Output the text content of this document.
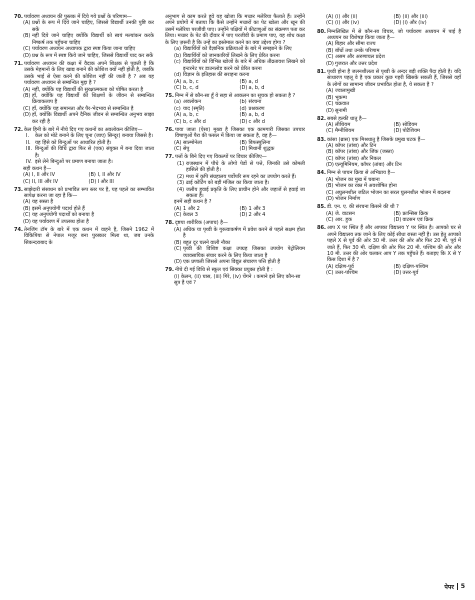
70. पर्यावरण अध्ययन की पुस्तक में दिये गये प्रश्नों के परिणाम—
(A) प्रश्नों के रूप में दिये जाने चाहिए, जिससे विद्यार्थी उनकी पुष्टि कर सकें
(B) नहीं दिये जाने चाहिए क्योंकि विद्यार्थी को स्वयं मल्यांकन करके निष्कर्ष तक पहुँचना चाहिए
(C) पर्यावरण अध्ययन अध्यापक द्वारा स्पष्ट किया जाना चाहिए
(D) प्रश्न के रूप में स्पष्ट किये जाने चाहिए, जिससे विद्यार्थी याद कर सकें
71. पर्यावरण अध्ययन की कक्षा में वैदाक अपने शिक्षक से पूछती है कि उसके मेहमानों के लिए खाद्य बनाने की कोशिश क्यों नहीं होती है, जबकि उसके भाई से ऐसा करने की कोशिश नहीं की जाती है ? अब यह पर्यावरण अध्ययन से सम्बन्धित मुद्दा है ?
(A) नहीं, क्योंकि यह विद्यार्थी की सुरक्षात्मकता को पोषित करता है
(B) हाँ, क्योंकि यह विद्यार्थी की शिक्षणों के जीवन से सम्बन्धित क्रियाकलाप है
(C) हाँ, क्योंकि यह समानता और पैर-भेदभाव से सम्बन्धित है
(D) हाँ, क्योंकि विद्यार्थी अपने दैनिक जीवन से सम्बन्धित अनुभव साझा कर रही है
72. केल हिनी के बारे में नीचे दिए गए कथनों का अवलोकन कीजिए—
I.	केल को मोटे बनाने के लिए चूना (जाए) सिन्दूर) बनाया जिससे है।
II. यह हिंसे को बिन्दुओं पर आधारित होती है।
III. बिन्दुओं की विधि द्वारा फिर से (एक) संयुक्त में बना दिया जाता है।
IV. इसे लेने बिन्दुओं पर प्रमाण बनाया जाता है।
सही कथन है—
(A) I, II और IV	(B) I, II और IV
(C) II, III और IV	(D) I और III
73. साझेदारी संसाधन को प्रभावित रूप स्तर पर है, यह पहले का सम्भावित सापेक्ष करना जा रहा है कि—
(A) यह सस्ता है
(B) इसमें अनुपयोगी पदार्थ होते हैं
(C) यह अनुपयोगी पदार्थों को बनाया है
(D) यह पर्यावरण में उपलब्ध होता है
74. तेनजिंग टॉम के बारे में एक कथन में वाहने है, जिसने 1962 में विकिपिया से नेपाल मजूर बना पुरस्कार मिला था, जब उनके सिकन्दराबाद के
अनुभाग से काम करते हुवे यह खोजा कि मच्छर मलेरिया फैलाते हैं। उन्होंने अपने प्रयोगों में बताया कि कैसे उन्होंने मच्छरों का पेट खोला और खून की उसमें मलेरिया परजीवी पाए। उन्होंने पक्षियों में कीटाणुओं का संक्रमण पता कर लिया। मच्छर के पेट की दीवार में पाए परजीवी के प्रमाण पाए, यह शोध कक्षा के लिए ज़रूरी है कि उन्हें का इस्तेमाल करने का क्या उद्देश्य होगा ?
(a) विद्यार्थियों को वैज्ञानिक प्रक्रियाओं के बारे में समझाने के लिए
(b) विद्यार्थियों को जानकारियों लिखने के लिए प्रेरित करना
(c) विद्यार्थियों को विभिन्न खोजों के बारे में अधिक तीव्रतावश लिखने को इन्टरनेट पर डाउनलोड करने को प्रेरित करना
(d) विज्ञान के इतिहास की सराहना करना
(A) a, b, c	(B) a, d
(C) b, c, d	(D) a, b, d
75. निम्न में से कौन-सा हूँ ये सहा से आकलन का सूचक हो सकता है ?
(a) अवलोकन	(b) संरचना
(c) याद (स्मृति)	(d) प्रश्नकरण
(A) a, b, c	(B) a, b, d
(C) b, c और d	(D) c और d
76. पाया जाता (ऐसा) मुख्य है जिसका एक कामगारी जिसका उपचार विषाणुओं पैरा की फसल में किया जा सकता है, वह है—
(A) साल्मोनेला	(B) बिफस्पुलिना
(C) सेपु	(D) मिथानी शुद्धक
77. पत्तों के बिने दिए गए विकल्पों पर विचार कीजिए—
(1) राजस्थान में पौधे के लोगो पेडों से पत्ते, जिनकी उसे कोमली हासिले की होती है।
(2) मध्य में कृपि संग्रहालय पर्वोपरि रूप रहने का उपयोग करते हैं।
(3) ढाई कोटिंग को बड़ी मंजिल का किया जाता है।
(4) जलीय हुवाई प्रकृति के लिए प्राचीन होने और जहाजें से हवाई जा सकता है।
इनमें सही कथन है ?
(A) 1 और 2	(B) 1 और 3
(C) केवल 3	(D) 2 और 4
78. दृष्टया शारीरिक (अपाच) है—
(A) अधिक या पृथ्वी के गुरुत्वाकर्षण में प्रवेश करने से पहले सक्षम होता है
(B) बहुत दूर चलने वाली नौका
(C) पृथ्वी की विशिष्ट कक्षा उपग्रह जिसका उपयोग पेट्रोलियम व्यावसायिक संचार करने के लिए किया जाता है
(D) एक प्रणाली जिससे अपना विद्युत संचारण पत्ति होती है
79. नीचे दी गई विधि से स्कूल एवं सिक्का प्रयुक्त होती है :
(i) केलन, (ii) घास, (iii) गिरे, (iv) चेंगने । कमाने इसे लिए कौन-सा सूत्र है एवं ?
(A) (i) और (ii)	(B) (ii) और (iii)
(C) (i) और (iv)	(D) (i) और (iv)
80. निम्नलिखित में से कौन-सा विचार, जो पर्यावरण अध्ययन में पाई है अध्ययन का विशेषज्ञ किया जाता है—
(A) बिहार और सीमा राज्य
(B) बाँधों तथा उनके परिणाम
(C) असम और अरुणाचल प्रदेश
(D) गुजरात और उत्तर प्रदेश
81. पृथ्वी होना है जलनशीलता से पृथ्वी के अन्दर बड़ी शक्ति पैदा होती है। यदि साधारण पहलू वे है एक प्रकार कुछ गहरी खिसके सकती हैं, जिससे वहाँ के लोगों का सामान्य जीवन प्रभावित होता है, ये सकता है ?
(A) ज्वालामुखी
(B) भूकम्प
(C) चक्रवात
(D) सुनामी
82. सबसे हल्की धातु है—
(A) लीथियम	(B) सोडियम
(C) मैग्नीशियम	(D) पोटैशियम
83. कांसा (ब्रास) एक मिश्रधातु है जिसके प्रमुख घटक हैं—
(A) कॉपर (तांबा) और टिन
(B) कॉपर (तांबा) और जिंक (जस्ता)
(C) कॉपर (तांबा) और निकल
(D) एल्यूमिनियम, कॉपर (तांबा) और टिन
84. निम्न से पाचन क्रिया से अभिप्राय है—
(A) भोजन का मुख में चबाना
(B) भोजन का रक्त में अवशोषित होना
(C) अघुलनशील जटिल भोजन का सरल घुलनशील भोजन में बदलना
(D) भोजन निर्माण
85. डी. एन. ए. की संरचना किसने की थी ?
(A) जे. वाटसन	(B) फ्रान्सिस क्रिक
(C) आर. हुक	(D) वाटसन एवं क्रिक
86. आप X पर स्थित हैं और आपका विद्यालय Y पर स्थित है। आपको घर से अपने विद्यालय तक जाने के लिए कोई सीधा रास्ता नहीं है। उस हेतु आपको पहले X से पूर्व की ओर 30 मी. उत्तर की ओर और फिर 20 मी. पूर्व में जाते हैं, फिर 30 मी. दक्षिण की ओर फिर 20 मी. पश्चिम की ओर और 10 मी. उत्तर की ओर चलकर आप Y तक पहुँचते हैं। बताइए कि X से Y किस दिशा में है ?
(A) दक्षिण-पूर्व	(B) दक्षिण-पश्चिम
(C) उत्तर-पश्चिम	(D) उत्तर-पूर्व
पेपर 5
